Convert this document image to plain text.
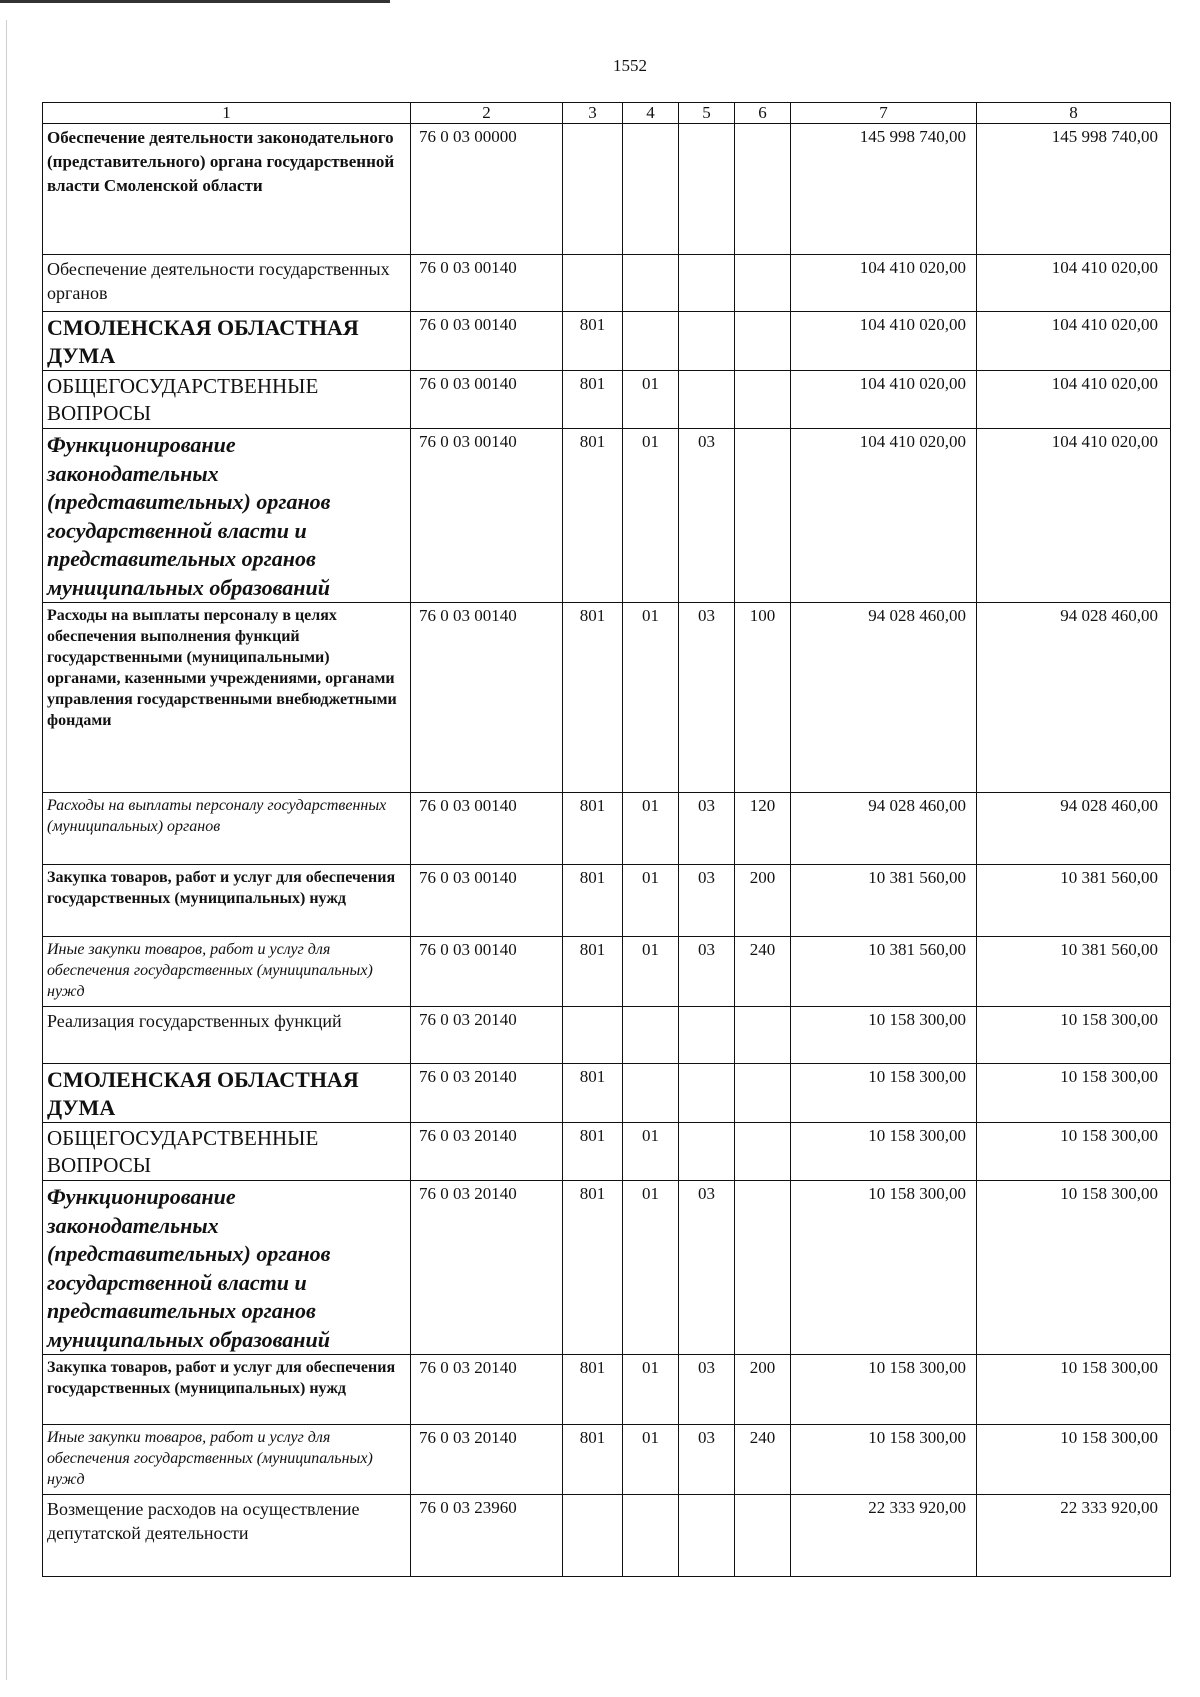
1552
1	2	3	4	5	6	7	8

Обеспечение деятельности законодательного (представительного) органа государственной власти Смоленской области	76 0 03 00000					145 998 740,00	145 998 740,00

Обеспечение деятельности государственных органов	76 0 03 00140					104 410 020,00	104 410 020,00

СМОЛЕНСКАЯ ОБЛАСТНАЯ ДУМА	76 0 03 00140	801				104 410 020,00	104 410 020,00

ОБЩЕГОСУДАРСТВЕННЫЕ ВОПРОСЫ	76 0 03 00140	801	01			104 410 020,00	104 410 020,00

Функционирование законодательных (представительных) органов государственной власти и представительных органов муниципальных образований	76 0 03 00140	801	01	03		104 410 020,00	104 410 020,00

Расходы на выплаты персоналу в целях обеспечения выполнения функций государственными (муниципальными) органами, казенными учреждениями, органами управления государственными внебюджетными фондами	76 0 03 00140	801	01	03	100	94 028 460,00	94 028 460,00

Расходы на выплаты персоналу государственных (муниципальных) органов	76 0 03 00140	801	01	03	120	94 028 460,00	94 028 460,00

Закупка товаров, работ и услуг для обеспечения государственных (муниципальных) нужд	76 0 03 00140	801	01	03	200	10 381 560,00	10 381 560,00

Иные закупки товаров, работ и услуг для обеспечения государственных (муниципальных) нужд	76 0 03 00140	801	01	03	240	10 381 560,00	10 381 560,00

Реализация государственных функций	76 0 03 20140					10 158 300,00	10 158 300,00

СМОЛЕНСКАЯ ОБЛАСТНАЯ ДУМА	76 0 03 20140	801				10 158 300,00	10 158 300,00

ОБЩЕГОСУДАРСТВЕННЫЕ ВОПРОСЫ	76 0 03 20140	801	01			10 158 300,00	10 158 300,00

Функционирование законодательных (представительных) органов государственной власти и представительных органов муниципальных образований	76 0 03 20140	801	01	03		10 158 300,00	10 158 300,00

Закупка товаров, работ и услуг для обеспечения государственных (муниципальных) нужд	76 0 03 20140	801	01	03	200	10 158 300,00	10 158 300,00

Иные закупки товаров, работ и услуг для обеспечения государственных (муниципальных) нужд	76 0 03 20140	801	01	03	240	10 158 300,00	10 158 300,00

Возмещение расходов на осуществление депутатской деятельности	76 0 03 23960					22 333 920,00	22 333 920,00
